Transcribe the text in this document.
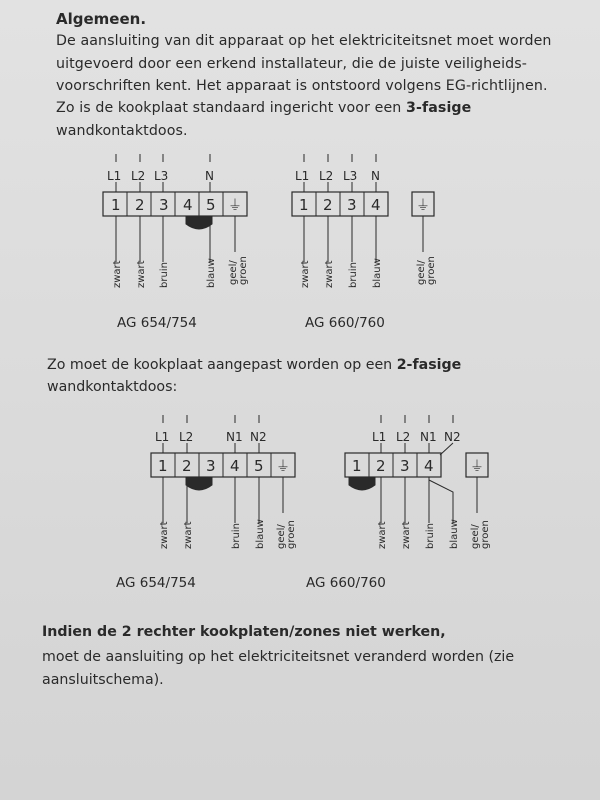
Algemeen.
De aansluiting van dit apparaat op het elektriciteitsnet moet worden
uitgevoerd door een erkend installateur, die de juiste veiligheids-
voorschriften kent. Het apparaat is ontstoord volgens EG-richtlijnen.
Zo is de kookplaat standaard ingericht voor een 3-fasige
wandkontaktdoos.
L1 L2 L3	N
1 2 3 4 5 ⏚
zwart zwart bruin	blauw geel/ groen
AG 654/754
L1 L2 L3 N
1 2 3 4	⏚
zwart zwart bruin blauw	geel/ groen
AG 660/760
L1 L2	N1 N2
1 2 3 4 5 ⏚
zwart zwart	bruin blauw geel/ groen
AG 654/754
L1 L2 N1 N2
1 2 3 4	⏚
zwart zwart bruin blauw geel/ groen
AG 660/760
Zo moet de kookplaat aangepast worden op een 2-fasige
wandkontaktdoos:
Indien de 2 rechter kookplaten/zones niet werken,
moet de aansluiting op het elektriciteitsnet veranderd worden (zie
aansluitschema).
